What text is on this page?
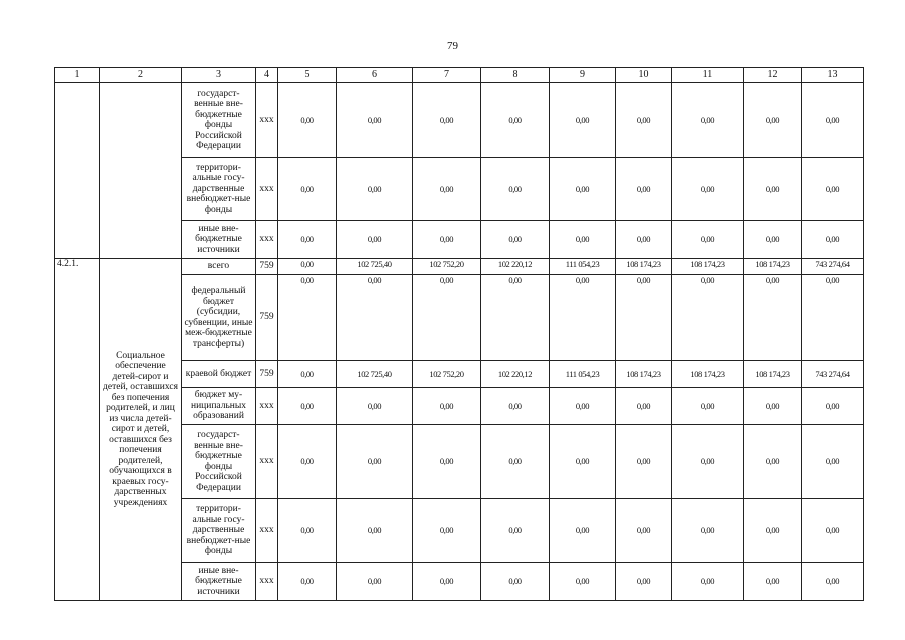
79
1	2	3	4	5	6	7	8	9	10	11	12	13
		государст-венные вне-бюджетные фонды Российской Федерации	xxx	0,00	0,00	0,00	0,00	0,00	0,00	0,00	0,00	0,00
		территори-альные госу-дарственные внебюджет-ные фонды	xxx	0,00	0,00	0,00	0,00	0,00	0,00	0,00	0,00	0,00
		иные вне-бюджетные источники	xxx	0,00	0,00	0,00	0,00	0,00	0,00	0,00	0,00	0,00
4.2.1.	Социальное обеспечение детей-сирот и детей, оставшихся без попечения родителей, и лиц из числа детей-сирот и детей, оставшихся без попечения родителей, обучающихся в краевых госу-дарственных учреждениях	всего	759	0,00	102 725,40	102 752,20	102 220,12	111 054,23	108 174,23	108 174,23	108 174,23	743 274,64
		федеральный бюджет (субсидии, субвенции, иные меж-бюджетные трансферты)	759	0,00	0,00	0,00	0,00	0,00	0,00	0,00	0,00	0,00
		краевой бюджет	759	0,00	102 725,40	102 752,20	102 220,12	111 054,23	108 174,23	108 174,23	108 174,23	743 274,64
		бюджет му-ниципальных образований	xxx	0,00	0,00	0,00	0,00	0,00	0,00	0,00	0,00	0,00
		государст-венные вне-бюджетные фонды Российской Федерации	xxx	0,00	0,00	0,00	0,00	0,00	0,00	0,00	0,00	0,00
		территори-альные госу-дарственные внебюджет-ные фонды	xxx	0,00	0,00	0,00	0,00	0,00	0,00	0,00	0,00	0,00
		иные вне-бюджетные источники	xxx	0,00	0,00	0,00	0,00	0,00	0,00	0,00	0,00	0,00
